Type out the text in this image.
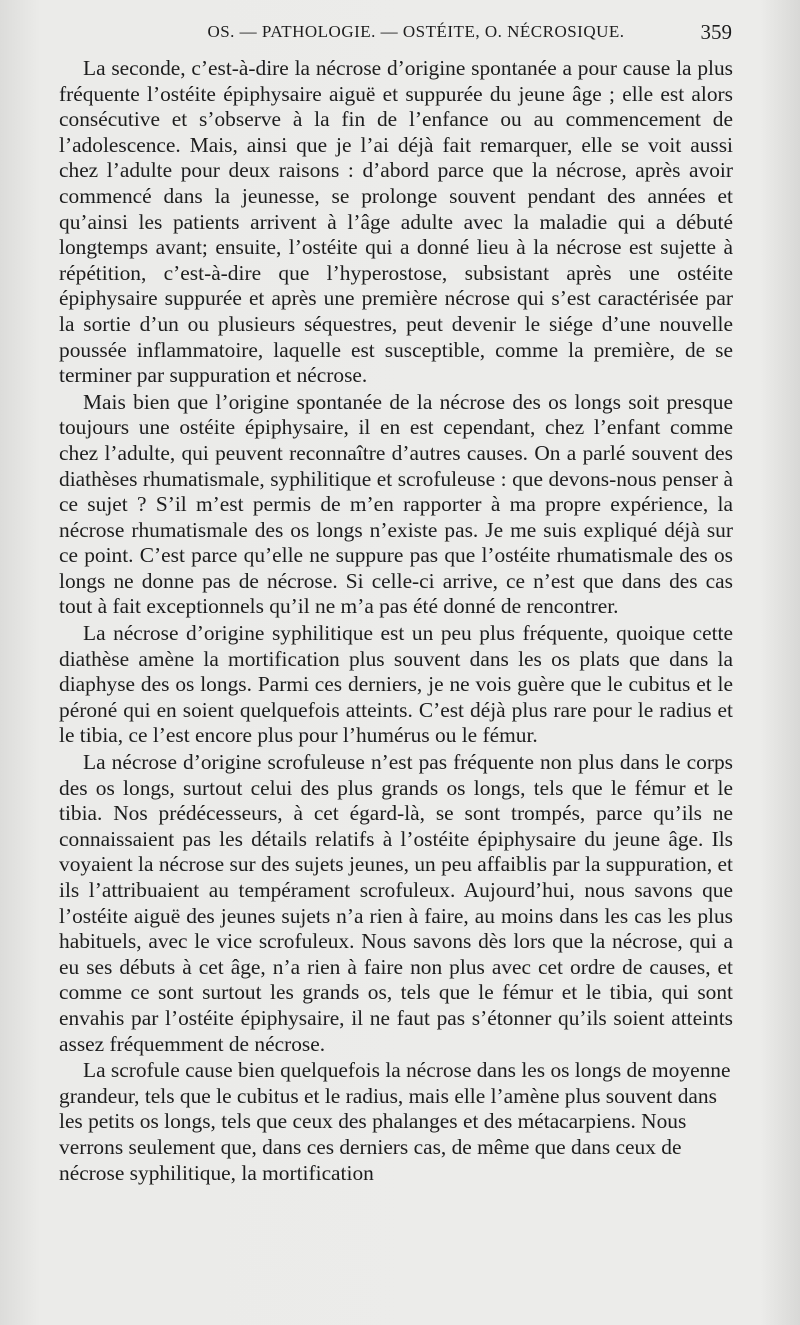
OS. — PATHOLOGIE. — OSTÉITE, O. NÉCROSIQUE.	359

La seconde, c’est-à-dire la nécrose d’origine spontanée a pour cause la plus fréquente l’ostéite épiphysaire aiguë et suppurée du jeune âge ; elle est alors consécutive et s’observe à la fin de l’enfance ou au commencement de l’adolescence. Mais, ainsi que je l’ai déjà fait remarquer, elle se voit aussi chez l’adulte pour deux raisons : d’abord parce que la nécrose, après avoir commencé dans la jeunesse, se prolonge souvent pendant des années et qu’ainsi les patients arrivent à l’âge adulte avec la maladie qui a débuté longtemps avant; ensuite, l’ostéite qui a donné lieu à la nécrose est sujette à répétition, c’est-à-dire que l’hyperostose, subsistant après une ostéite épiphysaire suppurée et après une première nécrose qui s’est caractérisée par la sortie d’un ou plusieurs séquestres, peut devenir le siége d’une nouvelle poussée inflammatoire, laquelle est susceptible, comme la première, de se terminer par suppuration et nécrose.

Mais bien que l’origine spontanée de la nécrose des os longs soit presque toujours une ostéite épiphysaire, il en est cependant, chez l’enfant comme chez l’adulte, qui peuvent reconnaître d’autres causes. On a parlé souvent des diathèses rhumatismale, syphilitique et scrofuleuse : que devons-nous penser à ce sujet ? S’il m’est permis de m’en rapporter à ma propre expérience, la nécrose rhumatismale des os longs n’existe pas. Je me suis expliqué déjà sur ce point. C’est parce qu’elle ne suppure pas que l’ostéite rhumatismale des os longs ne donne pas de nécrose. Si celle-ci arrive, ce n’est que dans des cas tout à fait exceptionnels qu’il ne m’a pas été donné de rencontrer.

La nécrose d’origine syphilitique est un peu plus fréquente, quoique cette diathèse amène la mortification plus souvent dans les os plats que dans la diaphyse des os longs. Parmi ces derniers, je ne vois guère que le cubitus et le péroné qui en soient quelquefois atteints. C’est déjà plus rare pour le radius et le tibia, ce l’est encore plus pour l’humérus ou le fémur.

La nécrose d’origine scrofuleuse n’est pas fréquente non plus dans le corps des os longs, surtout celui des plus grands os longs, tels que le fémur et le tibia. Nos prédécesseurs, à cet égard-là, se sont trompés, parce qu’ils ne connaissaient pas les détails relatifs à l’ostéite épiphysaire du jeune âge. Ils voyaient la nécrose sur des sujets jeunes, un peu affaiblis par la suppuration, et ils l’attribuaient au tempérament scrofuleux. Aujourd’hui, nous savons que l’ostéite aiguë des jeunes sujets n’a rien à faire, au moins dans les cas les plus habituels, avec le vice scrofuleux. Nous savons dès lors que la nécrose, qui a eu ses débuts à cet âge, n’a rien à faire non plus avec cet ordre de causes, et comme ce sont surtout les grands os, tels que le fémur et le tibia, qui sont envahis par l’ostéite épiphysaire, il ne faut pas s’étonner qu’ils soient atteints assez fréquemment de nécrose.

La scrofule cause bien quelquefois la nécrose dans les os longs de moyenne grandeur, tels que le cubitus et le radius, mais elle l’amène plus souvent dans les petits os longs, tels que ceux des phalanges et des métacarpiens. Nous verrons seulement que, dans ces derniers cas, de même que dans ceux de nécrose syphilitique, la mortification
